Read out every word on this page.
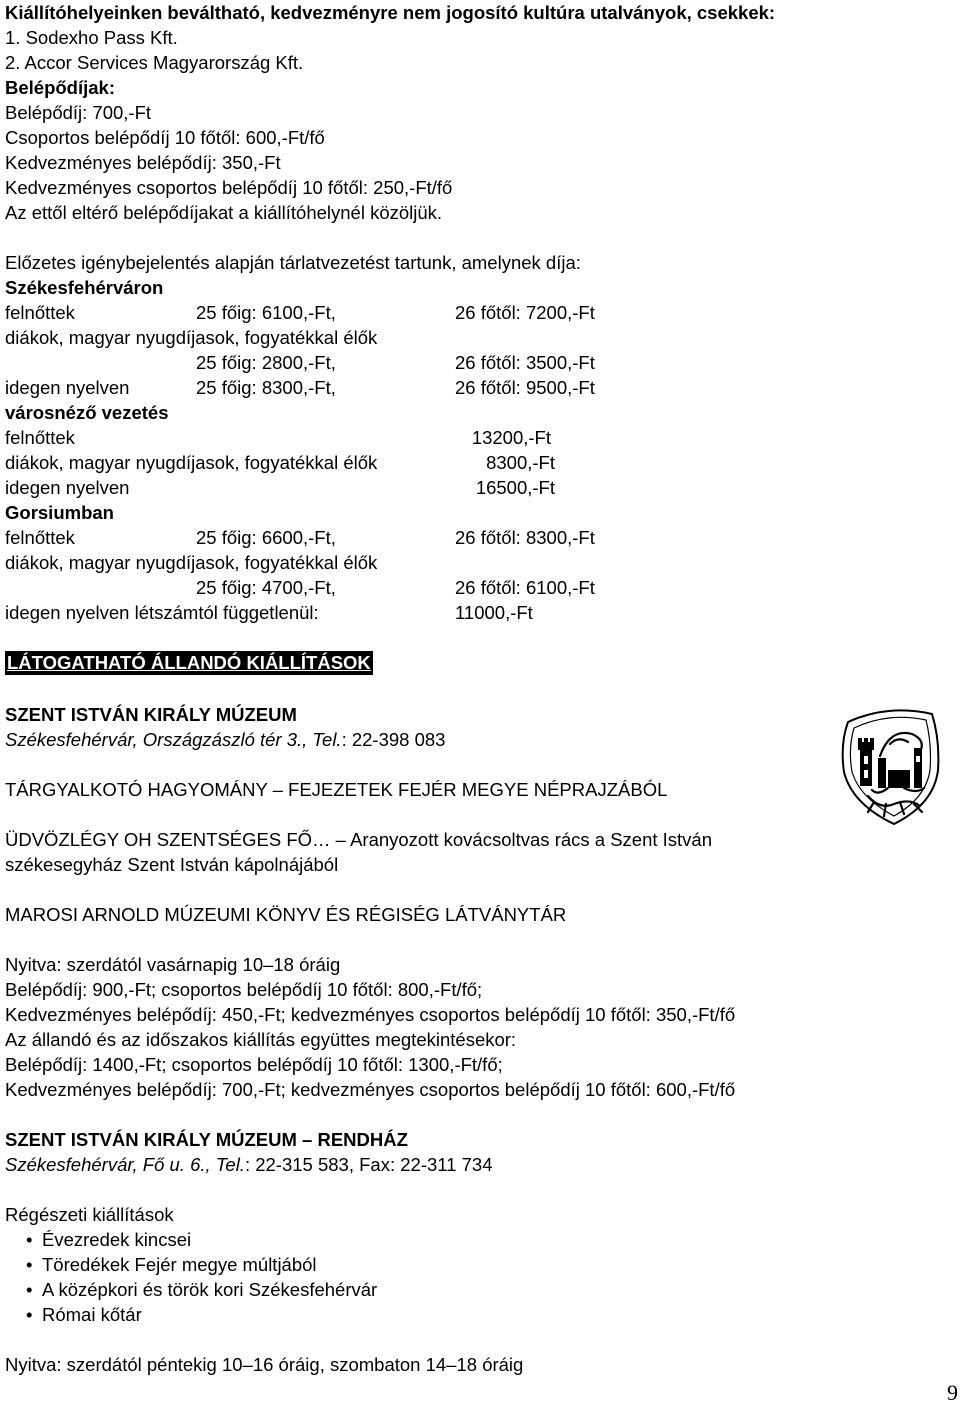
Kiállítóhelyeinken beváltható, kedvezményre nem jogosító kultúra utalványok, csekkek:
1. Sodexho Pass Kft.
2. Accor Services Magyarország Kft.
Belépődíjak:
Belépődíj: 700,-Ft
Csoportos belépődíj 10 főtől: 600,-Ft/fő
Kedvezményes belépődíj: 350,-Ft
Kedvezményes csoportos belépődíj 10 főtől: 250,-Ft/fő
Az ettől eltérő belépődíjakat a kiállítóhelynél közöljük.
Előzetes igénybejelentés alapján tárlatvezetést tartunk, amelynek díja:
Székesfehérváron
felnőttek	25 főig: 6100,-Ft,	26 főtől: 7200,-Ft
diákok, magyar nyugdíjasok, fogyatékkal élők
25 főig: 2800,-Ft,	26 főtől: 3500,-Ft
idegen nyelven	25 főig: 8300,-Ft,	26 főtől: 9500,-Ft
városnéző vezetés
felnőttek	13200,-Ft
diákok, magyar nyugdíjasok, fogyatékkal élők	8300,-Ft
idegen nyelven	16500,-Ft
Gorsiumban
felnőttek	25 főig: 6600,-Ft,	26 főtől: 8300,-Ft
diákok, magyar nyugdíjasok, fogyatékkal élők
25 főig: 4700,-Ft,	26 főtől: 6100,-Ft
idegen nyelven létszámtól függetlenül:	11000,-Ft
LÁTOGATHATÓ ÁLLANDÓ KIÁLLÍTÁSOK
SZENT ISTVÁN KIRÁLY MÚZEUM
Székesfehérvár, Országzászló tér 3., Tel.: 22-398 083
TÁRGYALKOTÓ HAGYOMÁNY – FEJEZETEK FEJÉR MEGYE NÉPRAJZÁBÓL
ÜDVÖZLÉGY OH SZENTSÉGES FŐ… – Aranyozott kovácsoltvas rács a Szent István
székesegyház Szent István kápolnájából
MAROSI ARNOLD MÚZEUMI KÖNYV ÉS RÉGISÉG LÁTVÁNYTÁR
Nyitva: szerdától vasárnapig 10–18 óráig
Belépődíj: 900,-Ft; csoportos belépődíj 10 főtől: 800,-Ft/fő;
Kedvezményes belépődíj: 450,-Ft; kedvezményes csoportos belépődíj 10 főtől: 350,-Ft/fő
Az állandó és az időszakos kiállítás együttes megtekintésekor:
Belépődíj: 1400,-Ft; csoportos belépődíj 10 főtől: 1300,-Ft/fő;
Kedvezményes belépődíj: 700,-Ft; kedvezményes csoportos belépődíj 10 főtől: 600,-Ft/fő
SZENT ISTVÁN KIRÁLY MÚZEUM – RENDHÁZ
Székesfehérvár, Fő u. 6., Tel.: 22-315 583, Fax: 22-311 734
Régészeti kiállítások
• Évezredek kincsei
• Töredékek Fejér megye múltjából
• A középkori és török kori Székesfehérvár
• Római kőtár
Nyitva: szerdától péntekig 10–16 óráig, szombaton 14–18 óráig
9
